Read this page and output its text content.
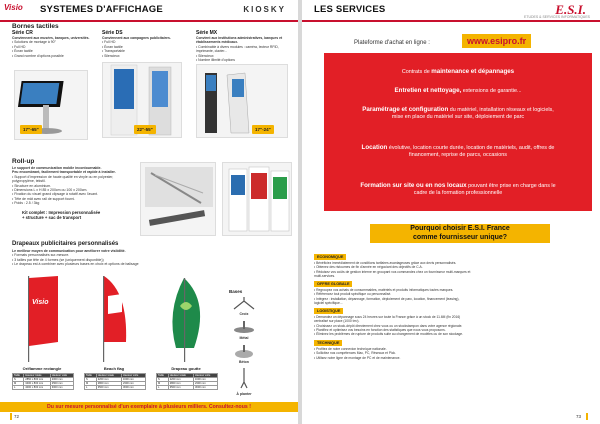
Visio SYSTEMES D'AFFICHAGE	KIOSKY
Bornes tactiles
Série CR	Série DS	Série MX
Conviennent aux musées, banques, universités.
• Solutions de montage à 90°
• Full HD
• Écran tactile
• Grand nombre d'options possible
Conviennent aux campagnes publicitaires.
• Full HD
• Écran tactile
• Transportable
• Silencieux
Convient aux institutions administratives, banques et établissements médicaux.
• Combinable à divers modules : caméra, lecteur RFID,
imprimante, clavier...
• Silencieux
• Nombre illimité d'options
17"-65"	22"-55"	17"-24"
Roll-up
Le support de communication mobile incontournable.
Peu encombrant, facilement transportable et rapide à installer.
• Support d'impression de haute qualité en vinyle ou en polyester,
polypropylène, tekstil.
• Structure en aluminium.
• Dimensions L x H 85 x 200cm ou 100 x 200cm.
• Fixation du visuel grand clipsage à rotatif avec l'avant.
• Tête de mât avec rail de support fourni.
• Poids : 2.5 / 3kg
Kit complet : Impression personnalisée
+ structure + sac de transport
Drapeaux publicitaires personnalisés
Le meilleur moyen de communication pour améliorer votre visibilité.
• Formats personnalisés sur-mesure.
• 3 tailles par tête de 4 formes (se (uniquement disponible))
• Le drapeau est à combiner avec plusieurs bases en choix et options de balisage
Visio
Oriflamme rectangle	Beach flag	Drapeau goutte
Taille	Hauteur totale	Hauteur voile
S	2850 x 800 mm	2000 mm
M	3400 x 800 mm	2500 mm
L	4000 x 800 mm	3000 mm
Taille	Hauteur totale	Hauteur voile
S	2200 mm	1600 mm
M	2800 mm	2300 mm
L	3500 mm	3000 mm
Taille	Hauteur totale	Hauteur voile
S	2200 mm	1600 mm
M	2800 mm	2300 mm
L	3500 mm	3000 mm
Bases
Croix
Métal
Béton
À planter
Du sur mesure personnalisé d'un exemplaire à plusieurs milliers. Consultez-nous !
72
LES SERVICES	E.S.I.
ETUDES & SERVICES INFORMATIQUES
Plateforme d'achat en ligne :	www.esipro.fr
Contrats de maintenance et dépannages
Entretien et nettoyage, extensions de garantie...
Paramétrage et configuration du matériel, installation réseaux et logiciels, mise en place du matériel sur site, déploiement de parc
Location évolutive, location courte durée, location de matériels, audit, offres de financement, reprise de parcs, occasions
Formation sur site ou en nos locaux pouvant être prise en charge dans le cadre de la formation professionnelle
Pourquoi choisir E.S.I. France
comme fournisseur unique?
ECONOMIQUE
• Bénéficiez immédiatement de conditions tarifaires avantageuses grâce aux devis personnalisés.
• Obtenez des ristournes de fin d'année en négociant des objectifs de C.A.
• Réduisez vos coûts de gestion interne en groupant vos commandes chez un fournisseur multi-marques et
multi-services.
OFFRE GLOBALE
• Regroupez vos achats de consommables, matériels et produits informatiques toutes marques.
• Référencez tout produit spécifique ou personnalisé.
• Intégrez : installation, dépannage, formation, déploiement de parc, location, financement (leasing),
logiciel spécifique...
LOGISTIQUE
• Demandez un dépannage sous 24 heures sur toute la France grâce à un stock de 11.6M (fin 2016)
centralisé sur place (1000 tm²).
• Choisissez un stock-dépôt directement chez vous ou un stockstampon dans votre agence régionale.
• Planifiez et optimisez vos besoins en fonction des statistiques que nous vous proposons.
• Éliminez les problèmes de rupture de produits suite au changement de modèles ou de son stockage.
TECHNIQUE
• Profitez de notre connexion technique nationale.
• Sollicitez nos compétences Mac, PC, Réseaux et Pick.
• Utilisez notre ligne de montage de PC et de maintenance.
73
